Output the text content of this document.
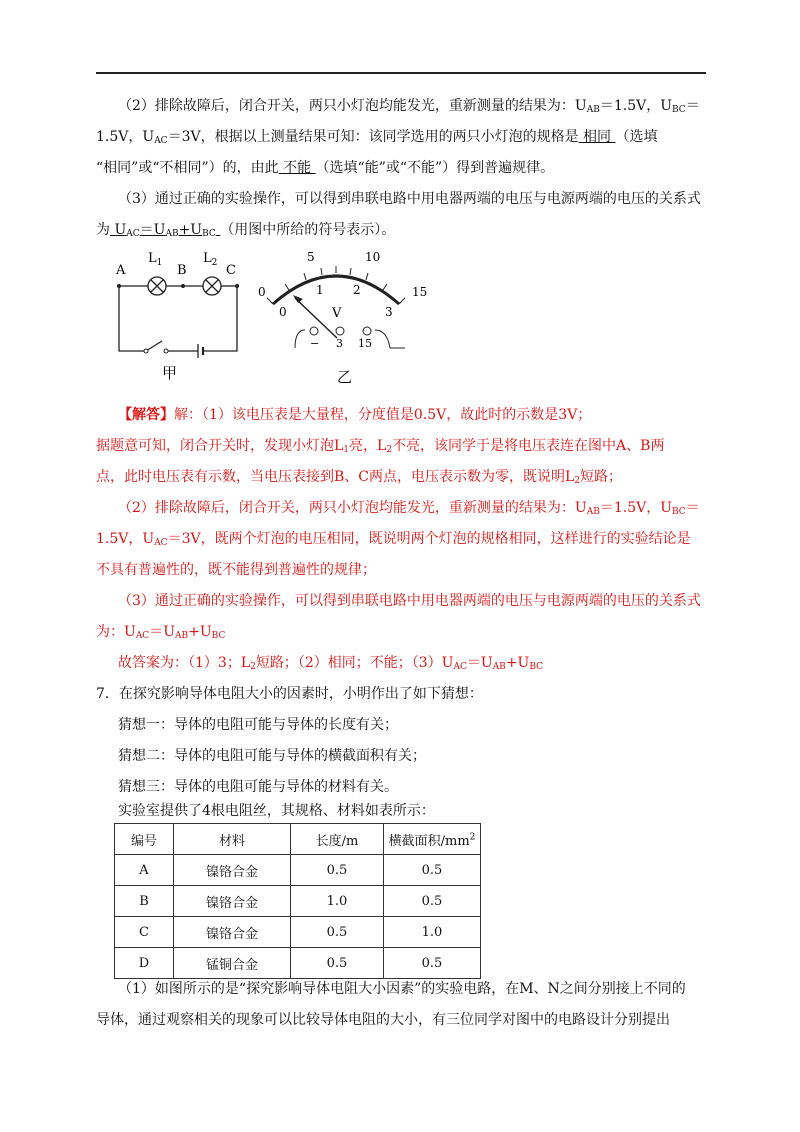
（2）排除故障后，闭合开关，两只小灯泡均能发光，重新测量的结果为：$U_{AB}=1.5V$，$U_{BC}=$
1.5V，$U_{AC}=3V$，根据以上测量结果可知：该同学选用的两只小灯泡的规格是 相同 （选填
“相同”或“不相同”）的，由此 不能 （选填“能”或“不能”）得到普遍规律。
（3）通过正确的实验操作，可以得到串联电路中用电器两端的电压与电源两端的电压的关系式
为 $U_{AC}=U_{AB}+U_{BC}$ （用图中所给的符号表示）。
A
$L_1$ B
$L_2$ C
甲
0
5	10
15
0
1 2
3
V
− 3 15
乙
【解答】解：（1）该电压表是大量程，分度值是0.5V，故此时的示数是3V；
据题意可知，闭合开关时，发现小灯泡$L_1$亮，$L_2$不亮，该同学于是将电压表连在图中A、B两
点，此时电压表有示数，当电压表接到B、C两点，电压表示数为零，既说明$L_2$短路；
（2）排除故障后，闭合开关，两只小灯泡均能发光，重新测量的结果为：$U_{AB}=1.5V$，$U_{BC}=$
1.5V，$U_{AC}=3V$，既两个灯泡的电压相同，既说明两个灯泡的规格相同，这样进行的实验结论是
不具有普遍性的，既不能得到普遍性的规律；
（3）通过正确的实验操作，可以得到串联电路中用电器两端的电压与电源两端的电压的关系式
为：$U_{AC}=U_{AB}+U_{BC}$
故答案为：（1）3；$L_2$短路；（2）相同；不能；$(3)U_{AC}=U_{AB}+U_{BC}$
7．在探究影响导体电阻大小的因素时，小明作出了如下猜想：
猜想一：导体的电阻可能与导体的长度有关；
猜想二：导体的电阻可能与导体的横截面积有关；
猜想三：导体的电阻可能与导体的材料有关。
实验室提供了4根电阻丝，其规格、材料如表所示：
编号	材料	长度/m	横截面积$/mm^2$
A	镍铬合金	0.5	0.5
B	镍铬合金	1.0	0.5
C	镍铬合金	0.5	1.0
D	锰铜合金	0.5	0.5
（1）如图所示的是“探究影响导体电阻大小因素”的实验电路，在M、N之间分别接上不同的
导体，通过观察相关的现象可以比较导体电阻的大小，有三位同学对图中的电路设计分别提出
